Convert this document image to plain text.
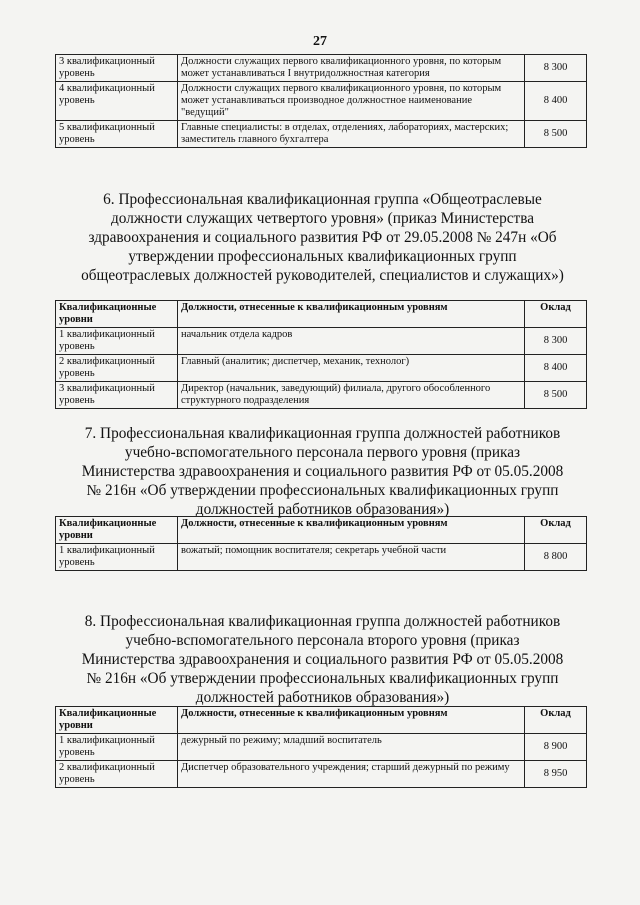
27
3 квалификационный уровень	Должности служащих первого квалификационного уровня, по которым может устанавливаться I внутридолжностная категория	8 300
4 квалификационный уровень	Должности служащих первого квалификационного уровня, по которым может устанавливаться производное должностное наименование "ведущий"	8 400
5 квалификационный уровень	Главные специалисты: в отделах, отделениях, лабораториях, мастерских; заместитель главного бухгалтера	8 500
6. Профессиональная квалификационная группа «Общеотраслевые должности служащих четвертого уровня» (приказ Министерства здравоохранения и социального развития РФ от 29.05.2008 № 247н «Об утверждении профессиональных квалификационных групп общеотраслевых должностей руководителей, специалистов и служащих»)
Квалификационные уровни	Должности, отнесенные к квалификационным уровням	Оклад
1 квалификационный уровень	начальник отдела кадров	8 300
2 квалификационный уровень	Главный (аналитик; диспетчер, механик, технолог)	8 400
3 квалификационный уровень	Директор (начальник, заведующий) филиала, другого обособленного структурного подразделения	8 500
7. Профессиональная квалификационная группа должностей работников учебно-вспомогательного персонала первого уровня (приказ Министерства здравоохранения и социального развития РФ от 05.05.2008 № 216н «Об утверждении профессиональных квалификационных групп должностей работников образования»)
Квалификационные уровни	Должности, отнесенные к квалификационным уровням	Оклад
1 квалификационный уровень	вожатый; помощник воспитателя; секретарь учебной части	8 800
8. Профессиональная квалификационная группа должностей работников учебно-вспомогательного персонала второго уровня (приказ Министерства здравоохранения и социального развития РФ от 05.05.2008 № 216н «Об утверждении профессиональных квалификационных групп должностей работников образования»)
Квалификационные уровни	Должности, отнесенные к квалификационным уровням	Оклад
1 квалификационный уровень	дежурный по режиму; младший воспитатель	8 900
2 квалификационный уровень	Диспетчер образовательного учреждения; старший дежурный по режиму	8 950
